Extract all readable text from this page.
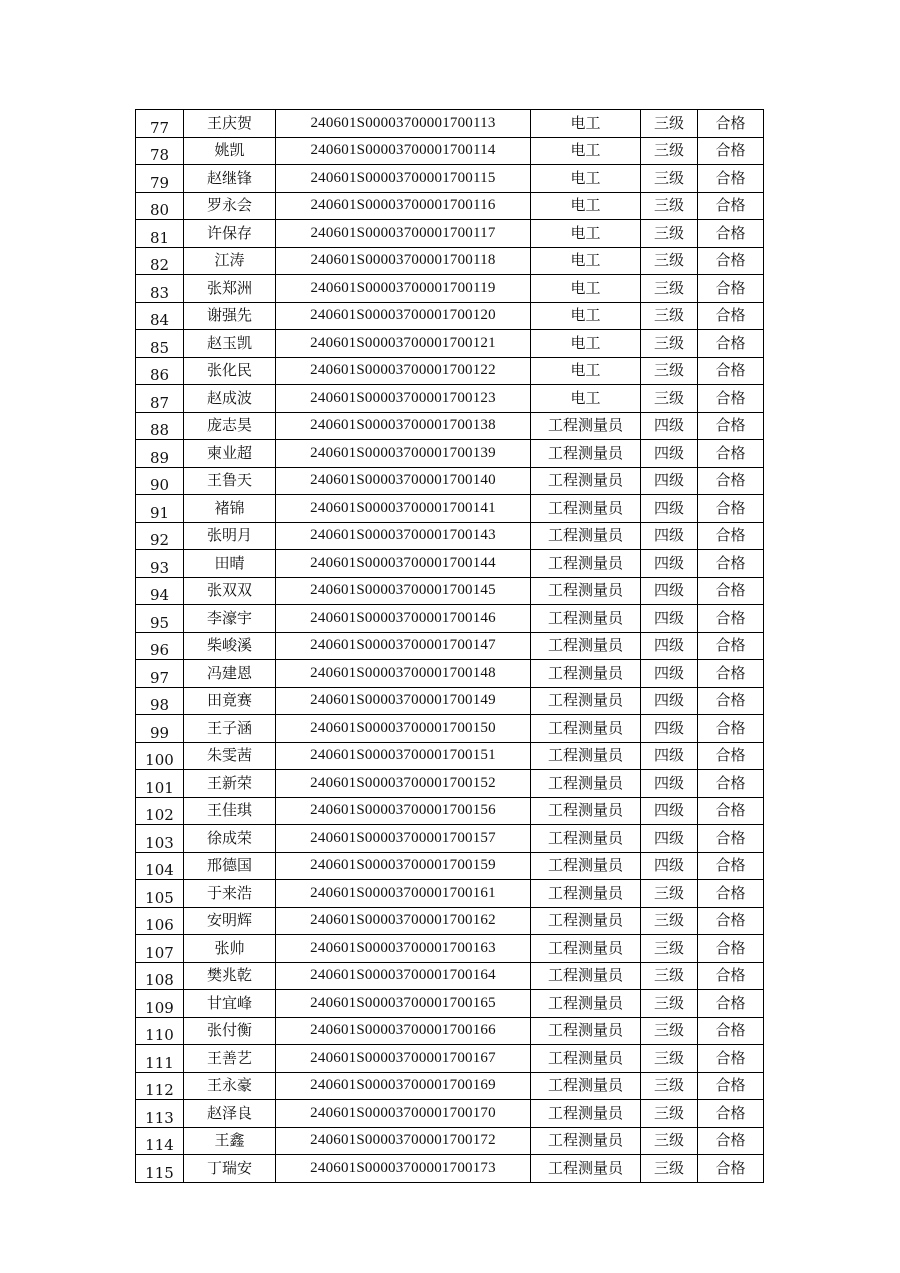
77	王庆贺	240601S00003700001700113	电工	三级	合格
78	姚凯	240601S00003700001700114	电工	三级	合格
79	赵继锋	240601S00003700001700115	电工	三级	合格
80	罗永会	240601S00003700001700116	电工	三级	合格
81	许保存	240601S00003700001700117	电工	三级	合格
82	江涛	240601S00003700001700118	电工	三级	合格
83	张郑洲	240601S00003700001700119	电工	三级	合格
84	谢强先	240601S00003700001700120	电工	三级	合格
85	赵玉凯	240601S00003700001700121	电工	三级	合格
86	张化民	240601S00003700001700122	电工	三级	合格
87	赵成波	240601S00003700001700123	电工	三级	合格
88	庞志昊	240601S00003700001700138	工程测量员	四级	合格
89	柬业超	240601S00003700001700139	工程测量员	四级	合格
90	王鲁天	240601S00003700001700140	工程测量员	四级	合格
91	褚锦	240601S00003700001700141	工程测量员	四级	合格
92	张明月	240601S00003700001700143	工程测量员	四级	合格
93	田晴	240601S00003700001700144	工程测量员	四级	合格
94	张双双	240601S00003700001700145	工程测量员	四级	合格
95	李濠宇	240601S00003700001700146	工程测量员	四级	合格
96	柴峻溪	240601S00003700001700147	工程测量员	四级	合格
97	冯建恩	240601S00003700001700148	工程测量员	四级	合格
98	田竟赛	240601S00003700001700149	工程测量员	四级	合格
99	王子涵	240601S00003700001700150	工程测量员	四级	合格
100	朱雯茜	240601S00003700001700151	工程测量员	四级	合格
101	王新荣	240601S00003700001700152	工程测量员	四级	合格
102	王佳琪	240601S00003700001700156	工程测量员	四级	合格
103	徐成荣	240601S00003700001700157	工程测量员	四级	合格
104	邢德国	240601S00003700001700159	工程测量员	四级	合格
105	于来浩	240601S00003700001700161	工程测量员	三级	合格
106	安明辉	240601S00003700001700162	工程测量员	三级	合格
107	张帅	240601S00003700001700163	工程测量员	三级	合格
108	樊兆乾	240601S00003700001700164	工程测量员	三级	合格
109	甘宜峰	240601S00003700001700165	工程测量员	三级	合格
110	张付衡	240601S00003700001700166	工程测量员	三级	合格
111	王善艺	240601S00003700001700167	工程测量员	三级	合格
112	王永豪	240601S00003700001700169	工程测量员	三级	合格
113	赵泽良	240601S00003700001700170	工程测量员	三级	合格
114	王鑫	240601S00003700001700172	工程测量员	三级	合格
115	丁瑞安	240601S00003700001700173	工程测量员	三级	合格
